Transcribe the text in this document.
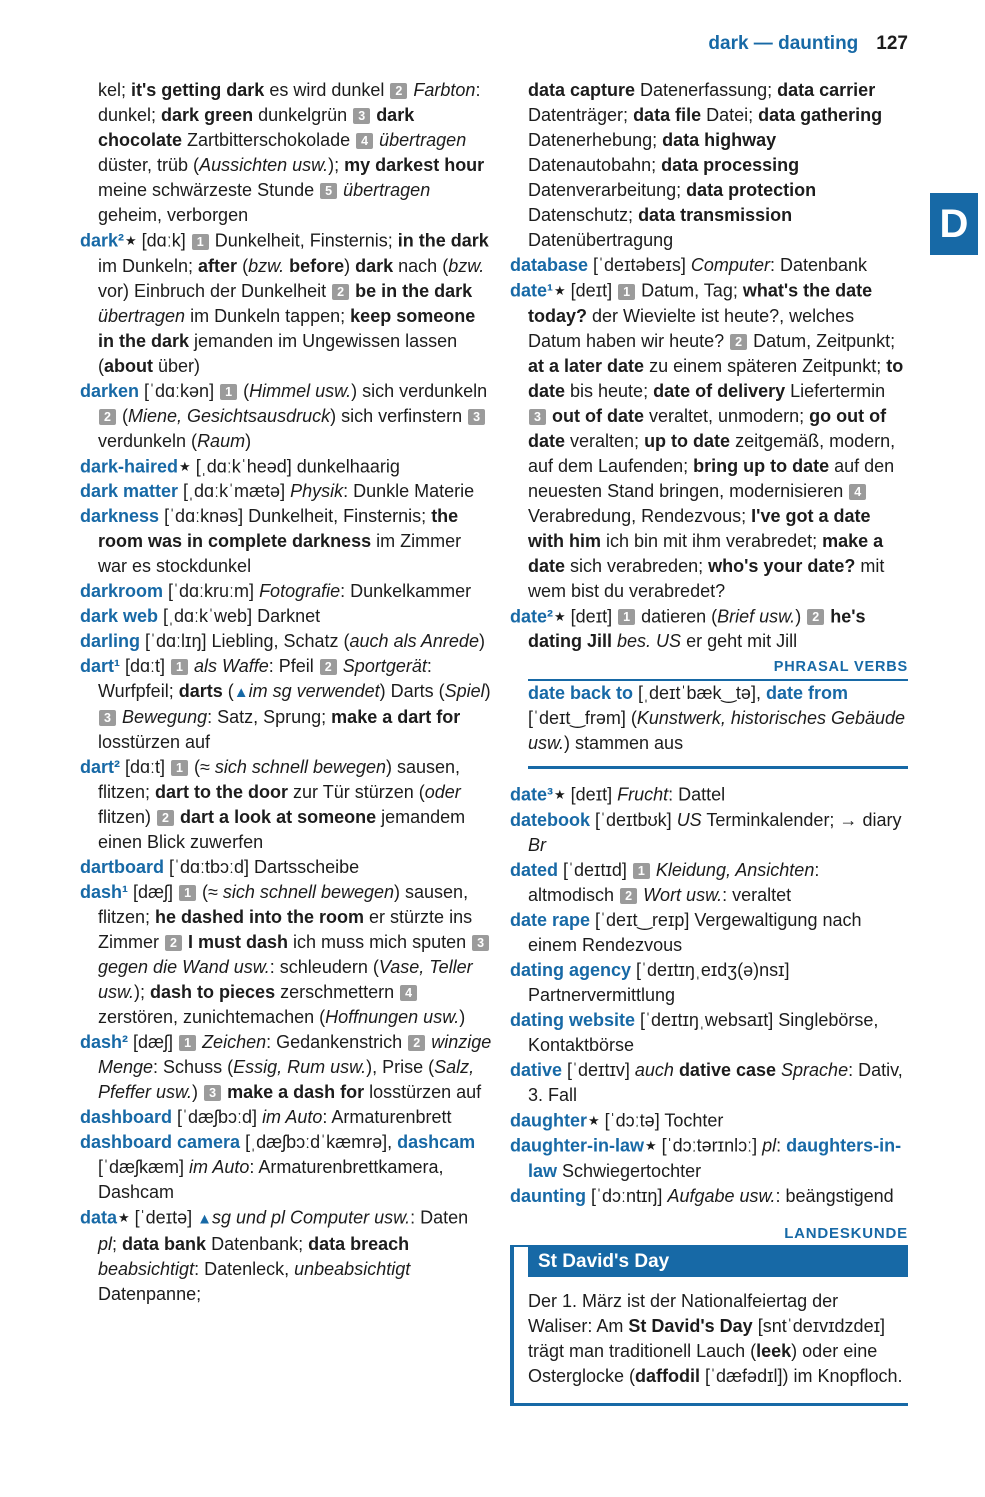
dark — daunting 127
D

kel; it's getting dark es wird dunkel 2 Farbton: dunkel; dark green dunkelgrün 3 dark chocolate Zartbitterschokolade 4 übertragen düster, trüb (Aussichten usw.); my darkest hour meine schwärzeste Stunde 5 übertragen geheim, verborgen

dark²★ [dɑːk] 1 Dunkelheit, Finsternis; in the dark im Dunkeln; after (bzw. before) dark nach (bzw. vor) Einbruch der Dunkelheit 2 be in the dark übertragen im Dunkeln tappen; keep someone in the dark jemanden im Ungewissen lassen (about über)

darken [ˈdɑːkən] 1 (Himmel usw.) sich verdunkeln 2 (Miene, Gesichtsausdruck) sich verfinstern 3 verdunkeln (Raum)

dark-haired★ [ˌdɑːkˈheəd] dunkelhaarig

dark matter [ˌdɑːkˈmætə] Physik: Dunkle Materie

darkness [ˈdɑːknəs] Dunkelheit, Finsternis; the room was in complete darkness im Zimmer war es stockdunkel

darkroom [ˈdɑːkruːm] Fotografie: Dunkelkammer

dark web [ˌdɑːkˈweb] Darknet

darling [ˈdɑːlɪŋ] Liebling, Schatz (auch als Anrede)

dart¹ [dɑːt] 1 als Waffe: Pfeil 2 Sportgerät: Wurfpfeil; darts (▲im sg verwendet) Darts (Spiel) 3 Bewegung: Satz, Sprung; make a dart for losstürzen auf

dart² [dɑːt] 1 (≈ sich schnell bewegen) sausen, flitzen; dart to the door zur Tür stürzen (oder flitzen) 2 dart a look at someone jemandem einen Blick zuwerfen

dartboard [ˈdɑːtbɔːd] Dartsscheibe

dash¹ [dæʃ] 1 (≈ sich schnell bewegen) sausen, flitzen; he dashed into the room er stürzte ins Zimmer 2 I must dash ich muss mich sputen 3 gegen die Wand usw.: schleudern (Vase, Teller usw.); dash to pieces zerschmettern 4 zerstören, zunichtemachen (Hoffnungen usw.)

dash² [dæʃ] 1 Zeichen: Gedankenstrich 2 winzige Menge: Schuss (Essig, Rum usw.), Prise (Salz, Pfeffer usw.) 3 make a dash for losstürzen auf

dashboard [ˈdæʃbɔːd] im Auto: Armaturenbrett

dashboard camera [ˌdæʃbɔːdˈkæmrə], dashcam [ˈdæʃkæm] im Auto: Armaturenbrettkamera, Dashcam

data★ [ˈdeɪtə] ▲sg und pl Computer usw.: Daten pl; data bank Datenbank; data breach beabsichtigt: Datenleck, unbeabsichtigt Datenpanne;

data capture Datenerfassung; data carrier Datenträger; data file Datei; data gathering Datenerhebung; data highway Datenautobahn; data processing Datenverarbeitung; data protection Datenschutz; data transmission Datenübertragung

database [ˈdeɪtəbeɪs] Computer: Datenbank

date¹★ [deɪt] 1 Datum, Tag; what's the date today? der Wievielte ist heute?, welches Datum haben wir heute? 2 Datum, Zeitpunkt; at a later date zu einem späteren Zeitpunkt; to date bis heute; date of delivery Liefertermin 3 out of date veraltet, unmodern; go out of date veralten; up to date zeitgemäß, modern, auf dem Laufenden; bring up to date auf den neuesten Stand bringen, modernisieren 4 Verabredung, Rendezvous; I've got a date with him ich bin mit ihm verabredet; make a date sich verabreden; who's your date? mit wem bist du verabredet?

date²★ [deɪt] 1 datieren (Brief usw.) 2 he's dating Jill bes. US er geht mit Jill

PHRASAL VERBS

date back to [ˌdeɪtˈbæk‿tə], date from [ˈdeɪt‿frəm] (Kunstwerk, historisches Gebäude usw.) stammen aus

date³★ [deɪt] Frucht: Dattel

datebook [ˈdeɪtbʊk] US Terminkalender; → diary Br

dated [ˈdeɪtɪd] 1 Kleidung, Ansichten: altmodisch 2 Wort usw.: veraltet

date rape [ˈdeɪt‿reɪp] Vergewaltigung nach einem Rendezvous

dating agency [ˈdeɪtɪŋˌeɪdʒ(ə)nsɪ] Partnervermittlung

dating website [ˈdeɪtɪŋˌwebsaɪt] Singlebörse, Kontaktbörse

dative [ˈdeɪtɪv] auch dative case Sprache: Dativ, 3. Fall

daughter★ [ˈdɔːtə] Tochter

daughter-in-law★ [ˈdɔːtərɪnlɔː] pl: daughters-in-law Schwiegertochter

daunting [ˈdɔːntɪŋ] Aufgabe usw.: beängstigend

LANDESKUNDE
St David's Day

Der 1. März ist der Nationalfeiertag der Waliser: Am St David's Day [sntˈdeɪvɪdzdeɪ] trägt man traditionell Lauch (leek) oder eine Osterglocke (daffodil [ˈdæfədɪl]) im Knopfloch.
